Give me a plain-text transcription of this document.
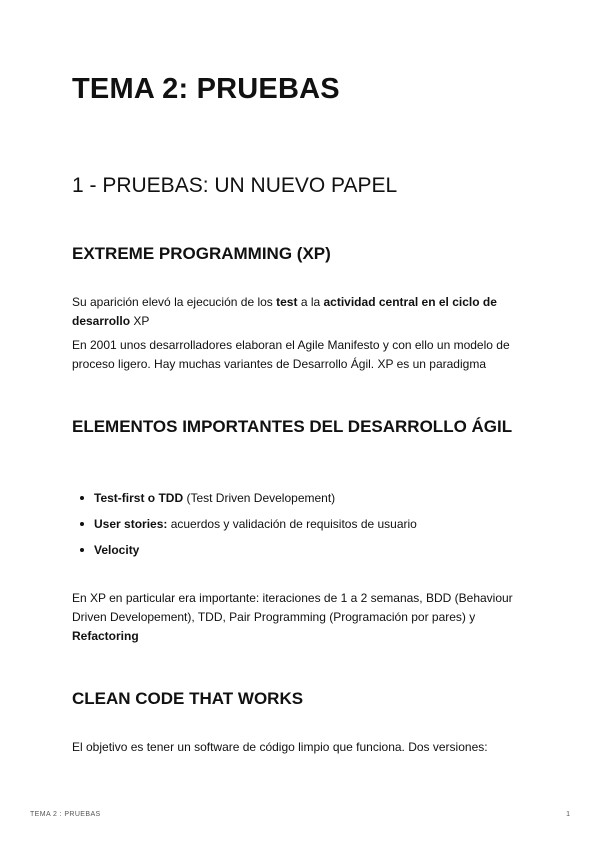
TEMA 2: PRUEBAS
1 - PRUEBAS: UN NUEVO PAPEL
EXTREME PROGRAMMING (XP)

Su aparición elevó la ejecución de los test a la actividad central en el ciclo de desarrollo XP

En 2001 unos desarrolladores elaboran el Agile Manifesto y con ello un modelo de proceso ligero. Hay muchas variantes de Desarrollo Ágil. XP es un paradigma

ELEMENTOS IMPORTANTES DEL DESARROLLO ÁGIL
Test-first o TDD (Test Driven Developement)
User stories: acuerdos y validación de requisitos de usuario
Velocity

En XP en particular era importante: iteraciones de 1 a 2 semanas, BDD (Behaviour Driven Developement), TDD, Pair Programming (Programación por pares) y Refactoring

CLEAN CODE THAT WORKS

El objetivo es tener un software de código limpio que funciona. Dos versiones:

TEMA 2 : PRUEBAS	1
